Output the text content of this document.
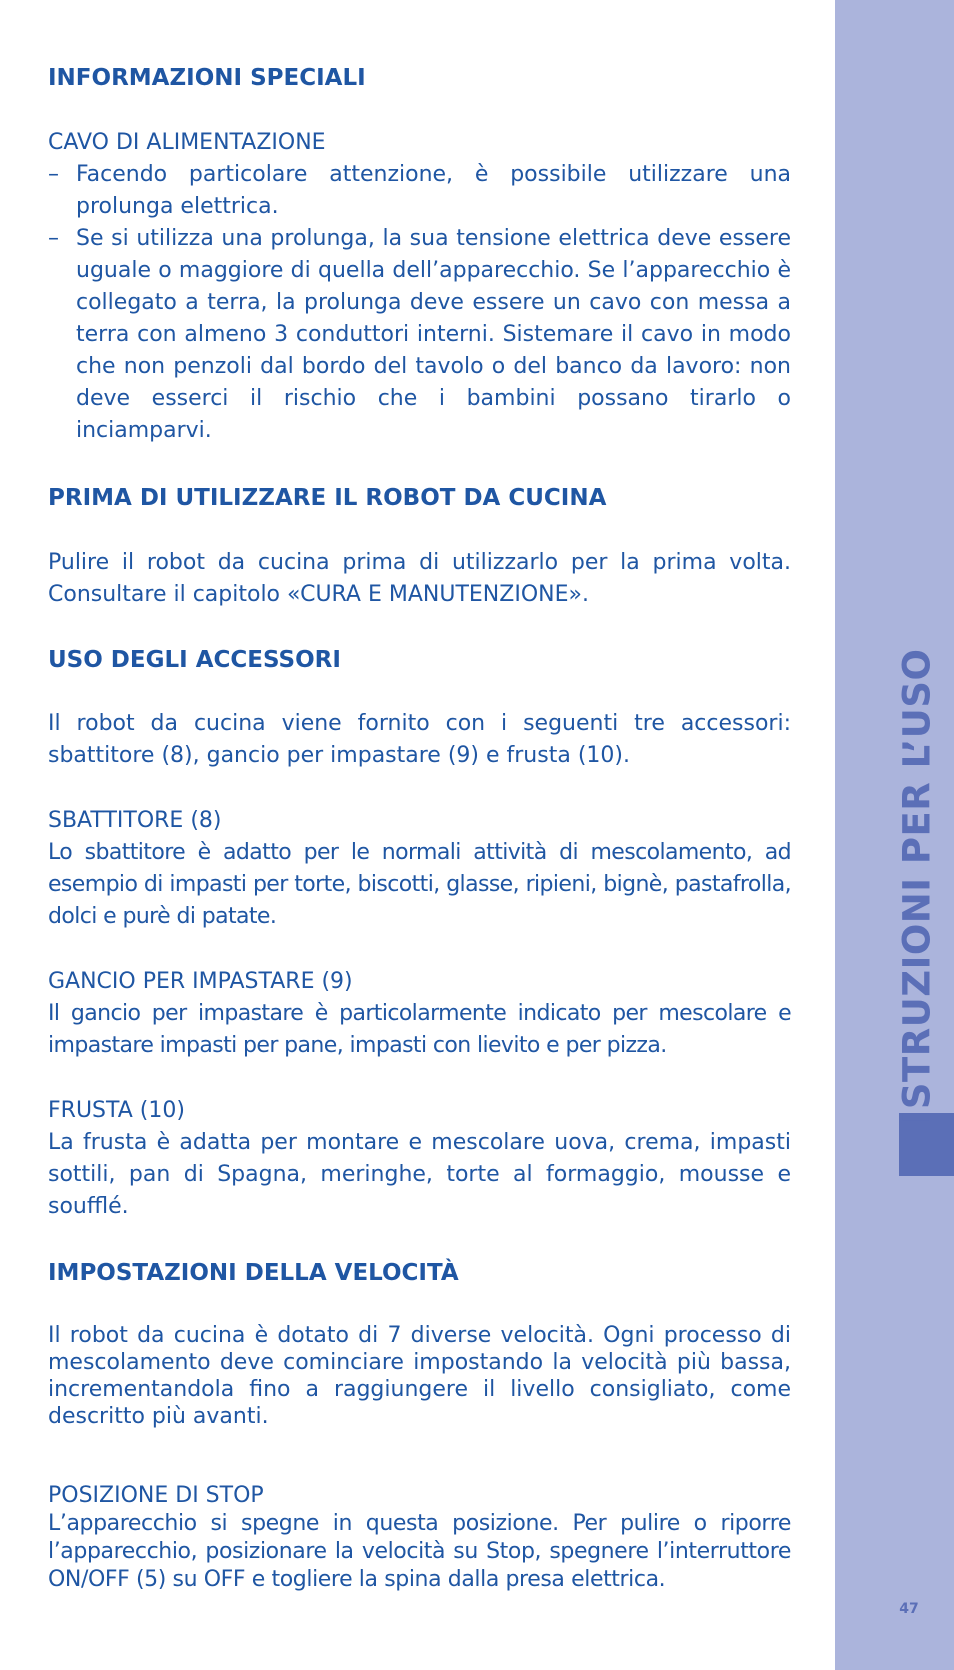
ISTRUZIONI PER L’USO
47
INFORMAZIONI SPECIALI
CAVO DI ALIMENTAZIONE
– Facendo particolare attenzione, è possibile utilizzare una prolunga elettrica.
– Se si utilizza una prolunga, la sua tensione elettrica deve essere uguale o maggiore di quella dell’apparecchio. Se l’apparecchio è collegato a terra, la prolunga deve essere un cavo con messa a terra con almeno 3 conduttori interni. Sistemare il cavo in modo che non penzoli dal bordo del tavolo o del banco da lavoro: non deve esserci il rischio che i bambini possano tirarlo o inciamparvi.
PRIMA DI UTILIZZARE IL ROBOT DA CUCINA

Pulire il robot da cucina prima di utilizzarlo per la prima volta. Consultare il capitolo «CURA E MANUTENZIONE».

USO DEGLI ACCESSORI

Il robot da cucina viene fornito con i seguenti tre accessori: sbattitore (8), gancio per impastare (9) e frusta (10).

SBATTITORE (8)

Lo sbattitore è adatto per le normali attività di mescolamento, ad esempio di impasti per torte, biscotti, glasse, ripieni, bignè, pastafrolla, dolci e purè di patate.

GANCIO PER IMPASTARE (9)

Il gancio per impastare è particolarmente indicato per mescolare e impastare impasti per pane, impasti con lievito e per pizza.

FRUSTA (10)

La frusta è adatta per montare e mescolare uova, crema, impasti sottili, pan di Spagna, meringhe, torte al formaggio, mousse e soufflé.

IMPOSTAZIONI DELLA VELOCITÀ

Il robot da cucina è dotato di 7 diverse velocità. Ogni processo di mescolamento deve cominciare impostando la velocità più bassa, incrementandola fino a raggiungere il livello consigliato, come descritto più avanti.

POSIZIONE DI STOP

L’apparecchio si spegne in questa posizione. Per pulire o riporre l’apparecchio, posizionare la velocità su Stop, spegnere l’interruttore ON/OFF (5) su OFF e togliere la spina dalla presa elettrica.
